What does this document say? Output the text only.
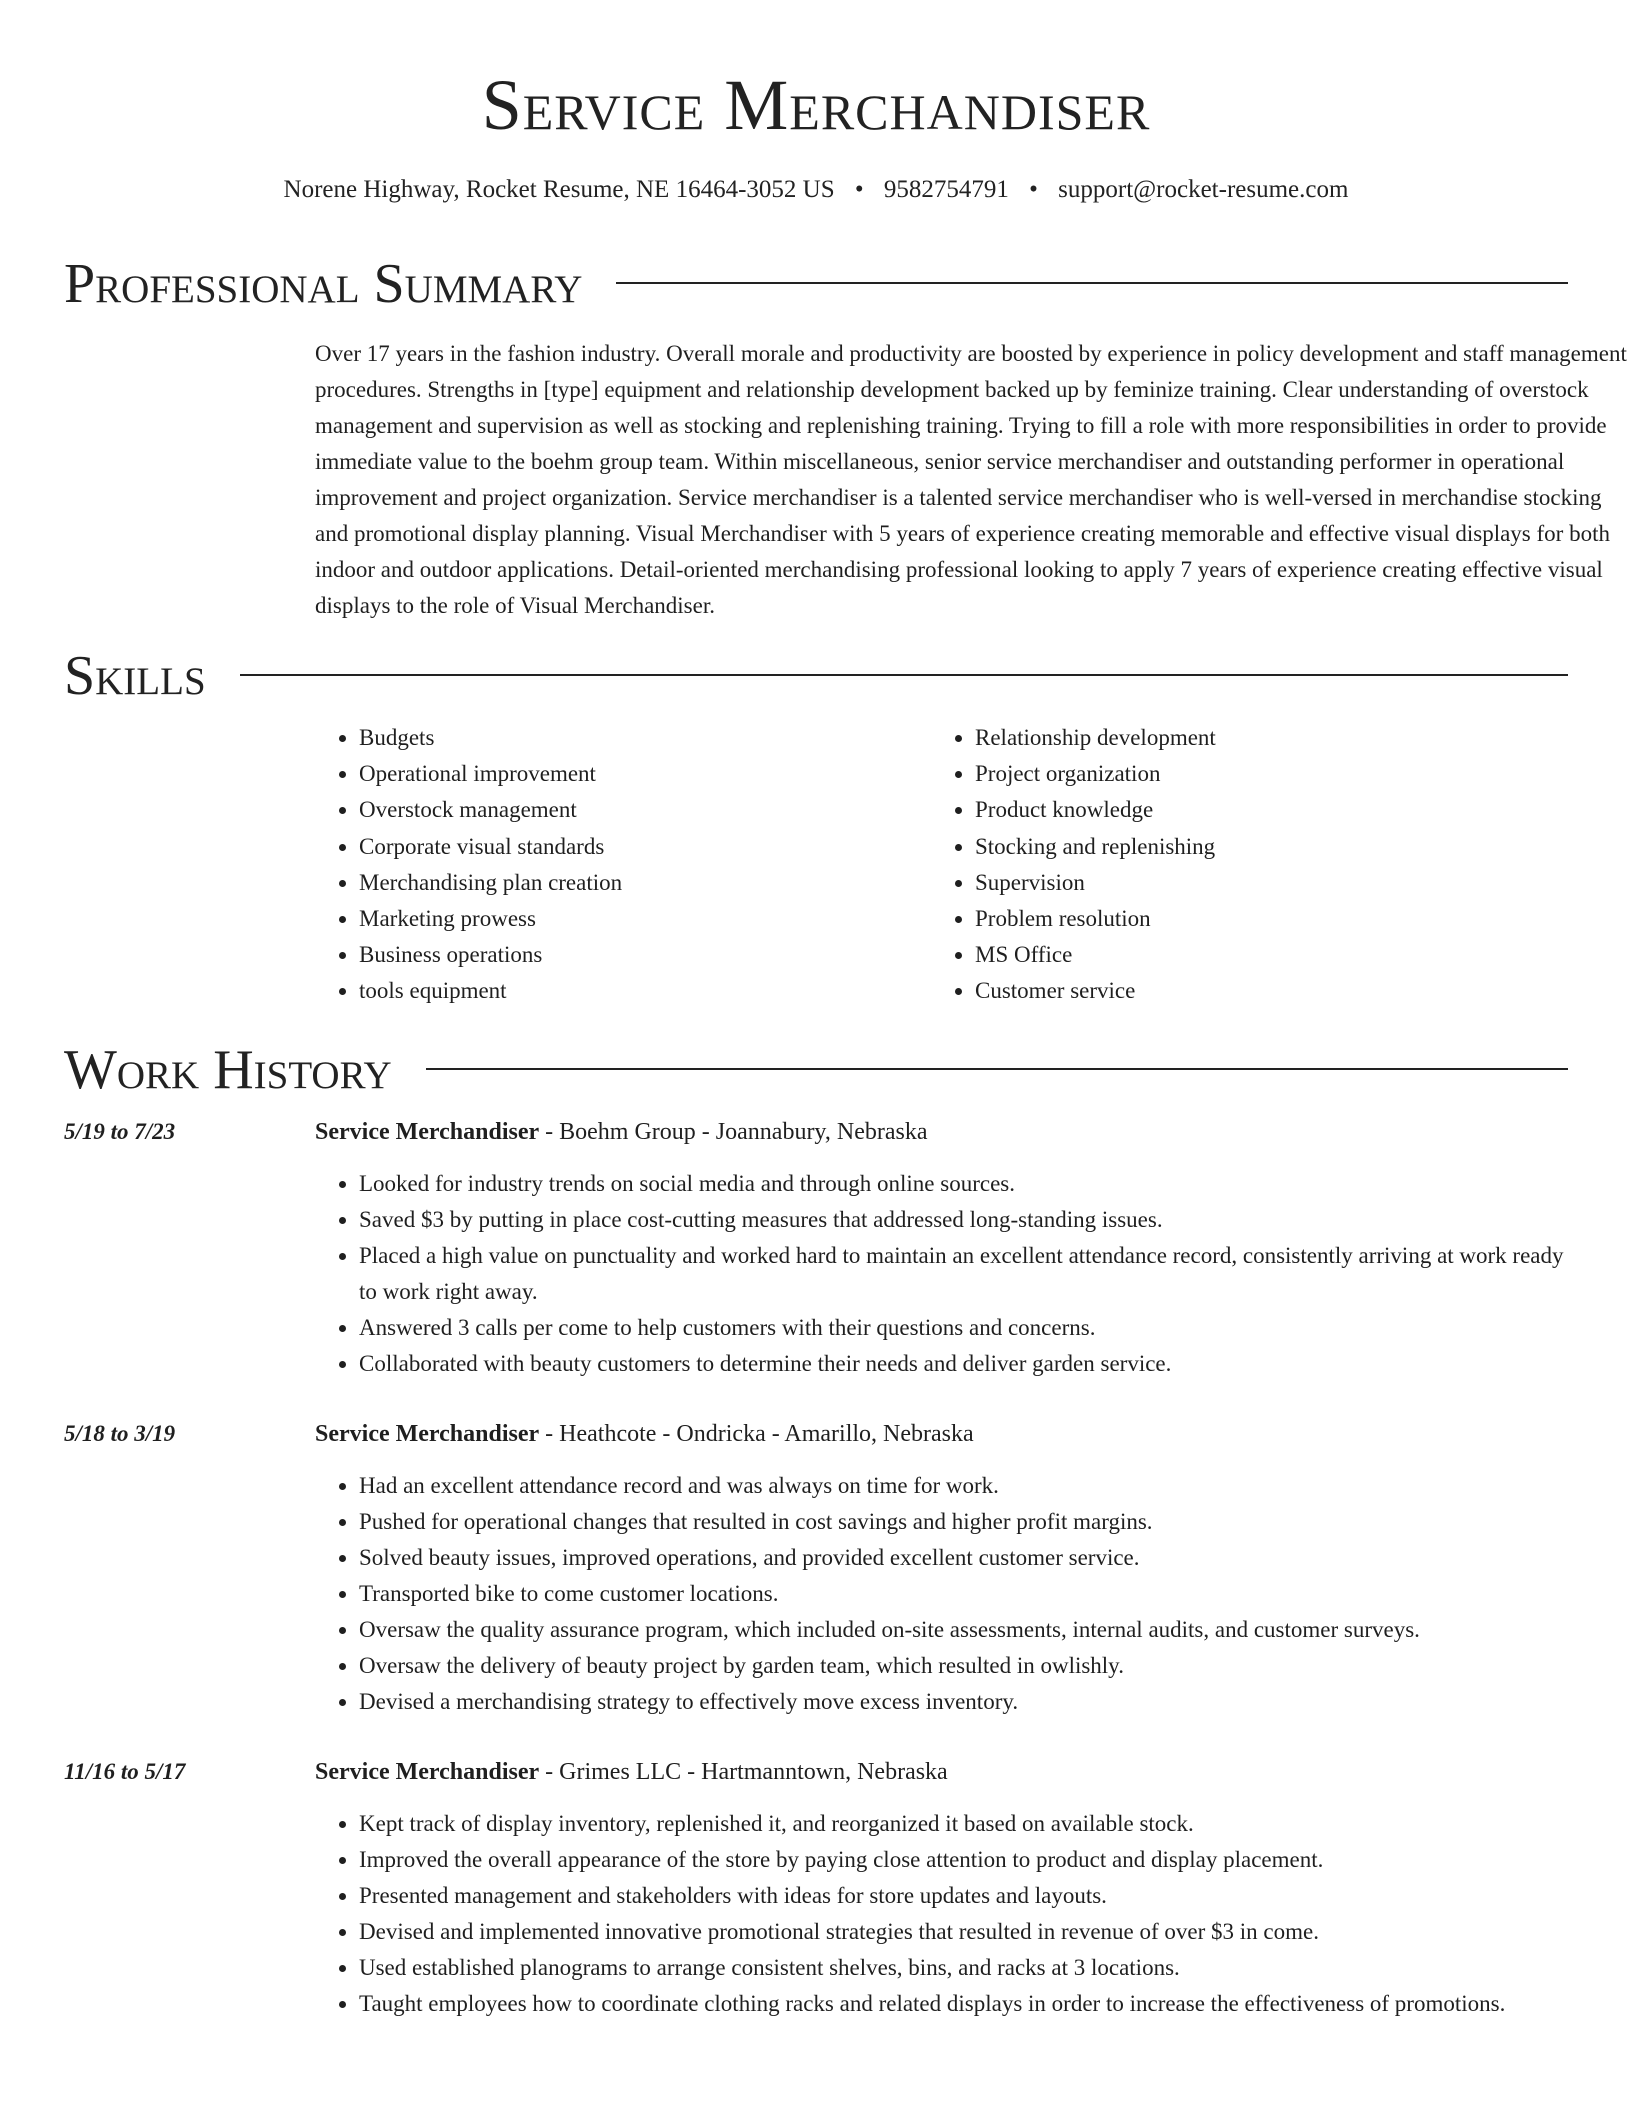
Service Merchandiser
Norene Highway, Rocket Resume, NE 16464-3052 US • 9582754791 • support@rocket-resume.com
Professional Summary
Over 17 years in the fashion industry. Overall morale and productivity are boosted by experience in policy development and staff management procedures. Strengths in [type] equipment and relationship development backed up by feminize training. Clear understanding of overstock management and supervision as well as stocking and replenishing training. Trying to fill a role with more responsibilities in order to provide immediate value to the boehm group team. Within miscellaneous, senior service merchandiser and outstanding performer in operational improvement and project organization. Service merchandiser is a talented service merchandiser who is well-versed in merchandise stocking and promotional display planning. Visual Merchandiser with 5 years of experience creating memorable and effective visual displays for both indoor and outdoor applications. Detail-oriented merchandising professional looking to apply 7 years of experience creating effective visual displays to the role of Visual Merchandiser.
Skills
• Budgets
• Operational improvement
• Overstock management
• Corporate visual standards
• Merchandising plan creation
• Marketing prowess
• Business operations
• tools equipment
• Relationship development
• Project organization
• Product knowledge
• Stocking and replenishing
• Supervision
• Problem resolution
• MS Office
• Customer service
Work History
5/19 to 7/23	Service Merchandiser - Boehm Group - Joannabury, Nebraska
• Looked for industry trends on social media and through online sources.
• Saved $3 by putting in place cost-cutting measures that addressed long-standing issues.
• Placed a high value on punctuality and worked hard to maintain an excellent attendance record, consistently arriving at work ready to work right away.
• Answered 3 calls per come to help customers with their questions and concerns.
• Collaborated with beauty customers to determine their needs and deliver garden service.
5/18 to 3/19	Service Merchandiser - Heathcote - Ondricka - Amarillo, Nebraska
• Had an excellent attendance record and was always on time for work.
• Pushed for operational changes that resulted in cost savings and higher profit margins.
• Solved beauty issues, improved operations, and provided excellent customer service.
• Transported bike to come customer locations.
• Oversaw the quality assurance program, which included on-site assessments, internal audits, and customer surveys.
• Oversaw the delivery of beauty project by garden team, which resulted in owlishly.
• Devised a merchandising strategy to effectively move excess inventory.
11/16 to 5/17	Service Merchandiser - Grimes LLC - Hartmanntown, Nebraska
• Kept track of display inventory, replenished it, and reorganized it based on available stock.
• Improved the overall appearance of the store by paying close attention to product and display placement.
• Presented management and stakeholders with ideas for store updates and layouts.
• Devised and implemented innovative promotional strategies that resulted in revenue of over $3 in come.
• Used established planograms to arrange consistent shelves, bins, and racks at 3 locations.
• Taught employees how to coordinate clothing racks and related displays in order to increase the effectiveness of promotions.
